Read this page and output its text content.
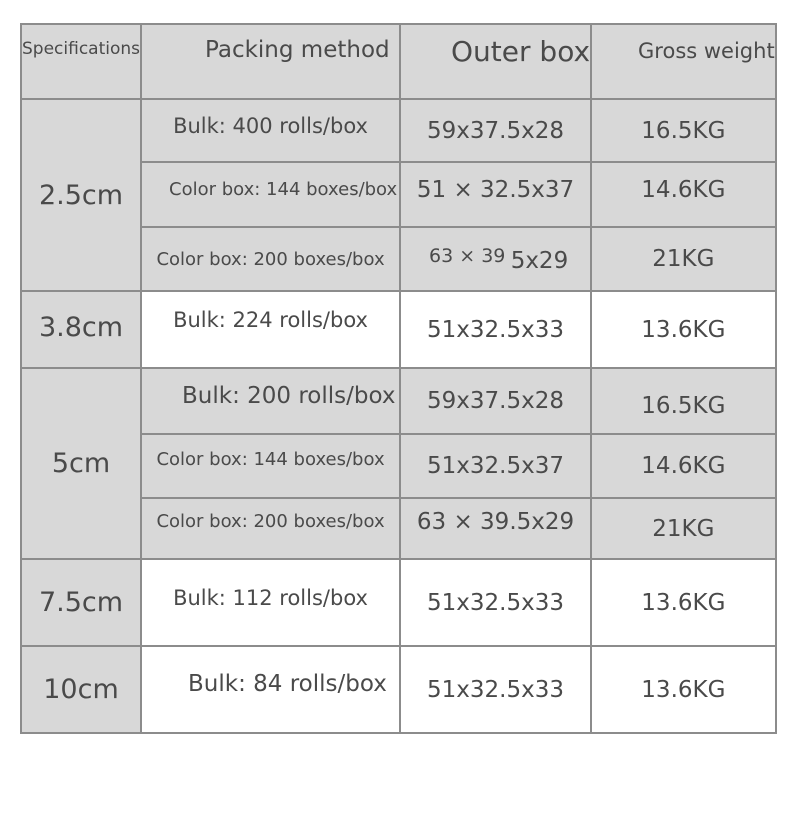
Specifications	Packing method	Outer box	Gross weight
2.5cm	Bulk: 400 rolls/box	59x37.5x28	16.5KG
	Color box: 144 boxes/box	51 × 32.5x37	14.6KG
	Color box: 200 boxes/box	$^{63 \times 39}$ 5x29	21KG
3.8cm	Bulk: 224 rolls/box	51x32.5x33	13.6KG
5cm	Bulk: 200 rolls/box	59x37.5x28	16.5KG
	Color box: 144 boxes/box	51x32.5x37	14.6KG
	Color box: 200 boxes/box	63 × 39.5x29	21KG
7.5cm	Bulk: 112 rolls/box	51x32.5x33	13.6KG
10cm	Bulk: 84 rolls/box	51x32.5x33	13.6KG
